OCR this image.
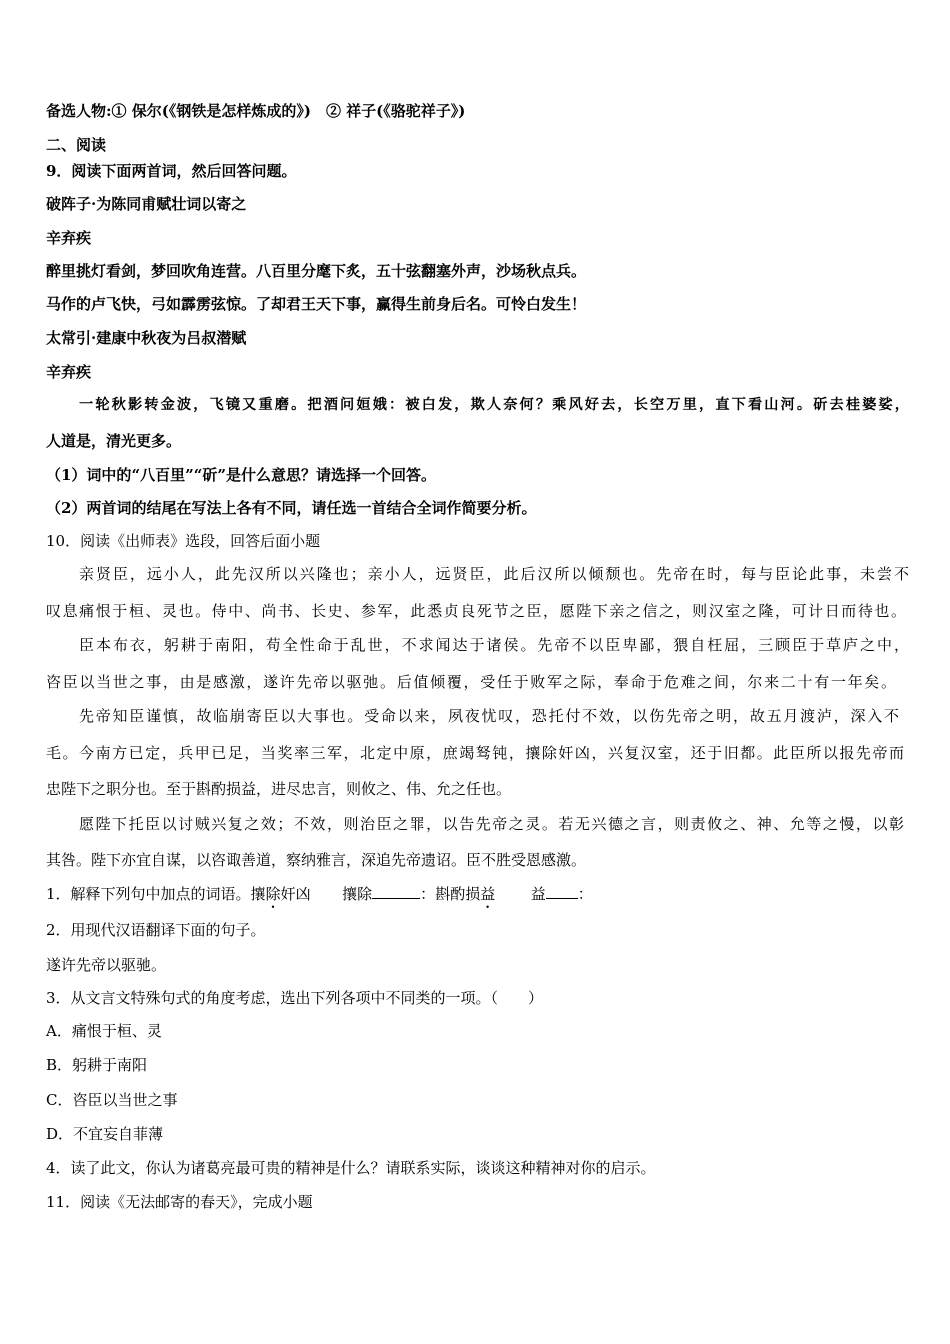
备选人物:① 保尔(《钢铁是怎样炼成的》)　② 祥子(《骆驼祥子》)
二、阅读
9．阅读下面两首词，然后回答问题。
破阵子·为陈同甫赋壮词以寄之
辛弃疾
醉里挑灯看剑，梦回吹角连营。八百里分麾下炙，五十弦翻塞外声，沙场秋点兵。
马作的卢飞快，弓如霹雳弦惊。了却君王天下事，赢得生前身后名。可怜白发生！
太常引·建康中秋夜为吕叔潜赋
辛弃疾
一轮秋影转金波，飞镜又重磨。把酒问姮娥：被白发，欺人奈何？乘风好去，长空万里，直下看山河。斫去桂婆娑，
人道是，清光更多。
（1）词中的“八百里”“斫”是什么意思？请选择一个回答。
（2）两首词的结尾在写法上各有不同，请任选一首结合全词作简要分析。
10．阅读《出师表》选段，回答后面小题
亲贤臣，远小人，此先汉所以兴隆也；亲小人，远贤臣，此后汉所以倾颓也。先帝在时，每与臣论此事，未尝不
叹息痛恨于桓、灵也。侍中、尚书、长史、参军，此悉贞良死节之臣，愿陛下亲之信之，则汉室之隆，可计日而待也。
臣本布衣，躬耕于南阳，苟全性命于乱世，不求闻达于诸侯。先帝不以臣卑鄙，猥自枉屈，三顾臣于草庐之中，
咨臣以当世之事，由是感激，遂许先帝以驱弛。后值倾覆，受任于败军之际，奉命于危难之间，尔来二十有一年矣。
先帝知臣谨慎，故临崩寄臣以大事也。受命以来，夙夜忧叹，恐托付不效，以伤先帝之明，故五月渡泸，深入不
毛。今南方已定，兵甲已足，当奖率三军，北定中原，庶竭驽钝，攘除奸凶，兴复汉室，还于旧都。此臣所以报先帝而
忠陛下之职分也。至于斟酌损益，进尽忠言，则攸之、伟、允之任也。
愿陛下托臣以讨贼兴复之效；不效，则治臣之罪，以告先帝之灵。若无兴德之言，则责攸之、神、允等之慢，以彰
其咎。陛下亦宜自谋，以咨诹善道，察纳雅言，深追先帝遗诏。臣不胜受恩感激。
1．解释下列句中加点的词语。攘除奸凶 攘除	：斟酌损益 益 ：
2．用现代汉语翻译下面的句子。
遂许先帝以驱驰。
3．从文言文特殊句式的角度考虑，选出下列各项中不同类的一项。（　　）
A．痛恨于桓、灵
B．躬耕于南阳
C．咨臣以当世之事
D．不宜妄自菲薄
4．读了此文，你认为诸葛亮最可贵的精神是什么？请联系实际，谈谈这种精神对你的启示。
11．阅读《无法邮寄的春天》，完成小题
